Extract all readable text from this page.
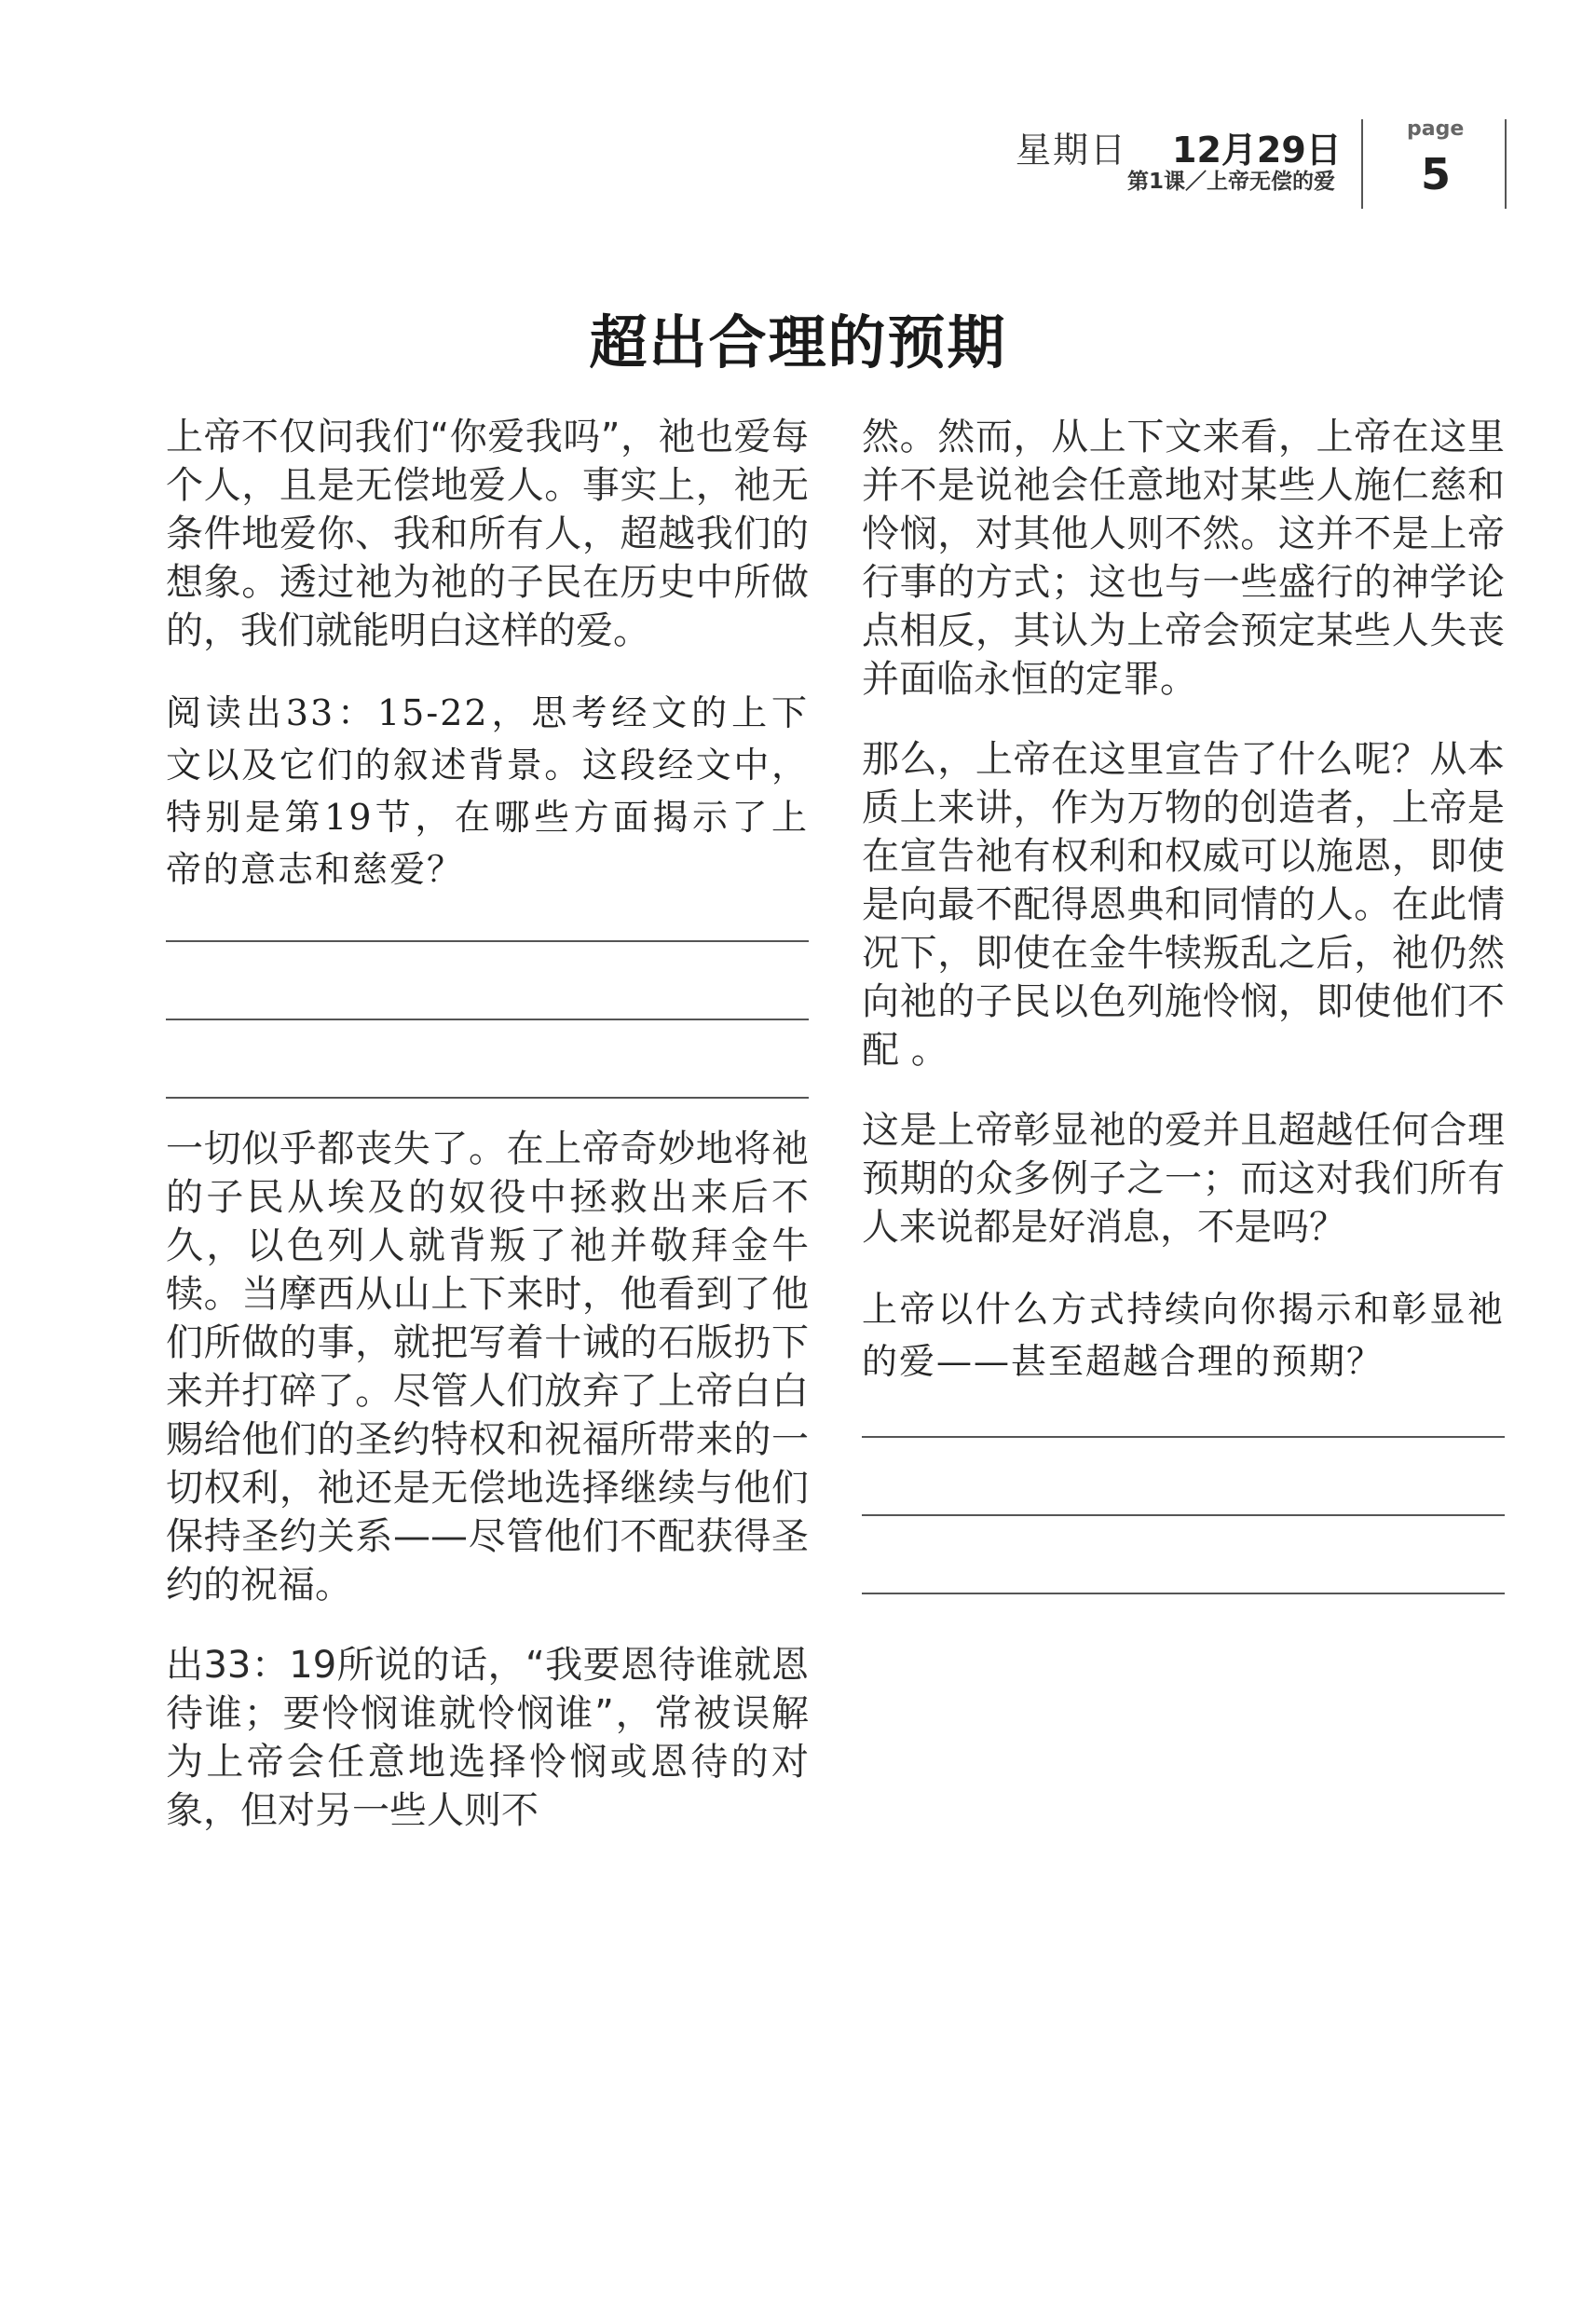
星期日 12月29日
第1课／上帝无偿的爱
page
5
超出合理的预期

上帝不仅问我们“你爱我吗”，祂也爱每个人，且是无偿地爱人。事实上，祂无条件地爱你、我和所有人，超越我们的想象。透过祂为祂的子民在历史中所做的，我们就能明白这样的爱。

阅读出33：15-22，思考经文的上下文以及它们的叙述背景。这段经文中，特别是第19节，在哪些方面揭示了上帝的意志和慈爱？

一切似乎都丧失了。在上帝奇妙地将祂的子民从埃及的奴役中拯救出来后不久，以色列人就背叛了祂并敬拜金牛犊。当摩西从山上下来时，他看到了他们所做的事，就把写着十诫的石版扔下来并打碎了。尽管人们放弃了上帝白白赐给他们的圣约特权和祝福所带来的一切权利，祂还是无偿地选择继续与他们保持圣约关系——尽管他们不配获得圣约的祝福。

出33：19所说的话，“我要恩待谁就恩待谁；要怜悯谁就怜悯谁”，常被误解为上帝会任意地选择怜悯或恩待的对象，但对另一些人则不

然。然而，从上下文来看，上帝在这里并不是说祂会任意地对某些人施仁慈和怜悯，对其他人则不然。这并不是上帝行事的方式；这也与一些盛行的神学论点相反，其认为上帝会预定某些人失丧并面临永恒的定罪。

那么，上帝在这里宣告了什么呢？从本质上来讲，作为万物的创造者，上帝是在宣告祂有权利和权威可以施恩，即使是向最不配得恩典和同情的人。在此情况下，即使在金牛犊叛乱之后，祂仍然向祂的子民以色列施怜悯，即使他们不配 。

这是上帝彰显祂的爱并且超越任何合理预期的众多例子之一；而这对我们所有人来说都是好消息，不是吗？

上帝以什么方式持续向你揭示和彰显祂的爱——甚至超越合理的预期？
